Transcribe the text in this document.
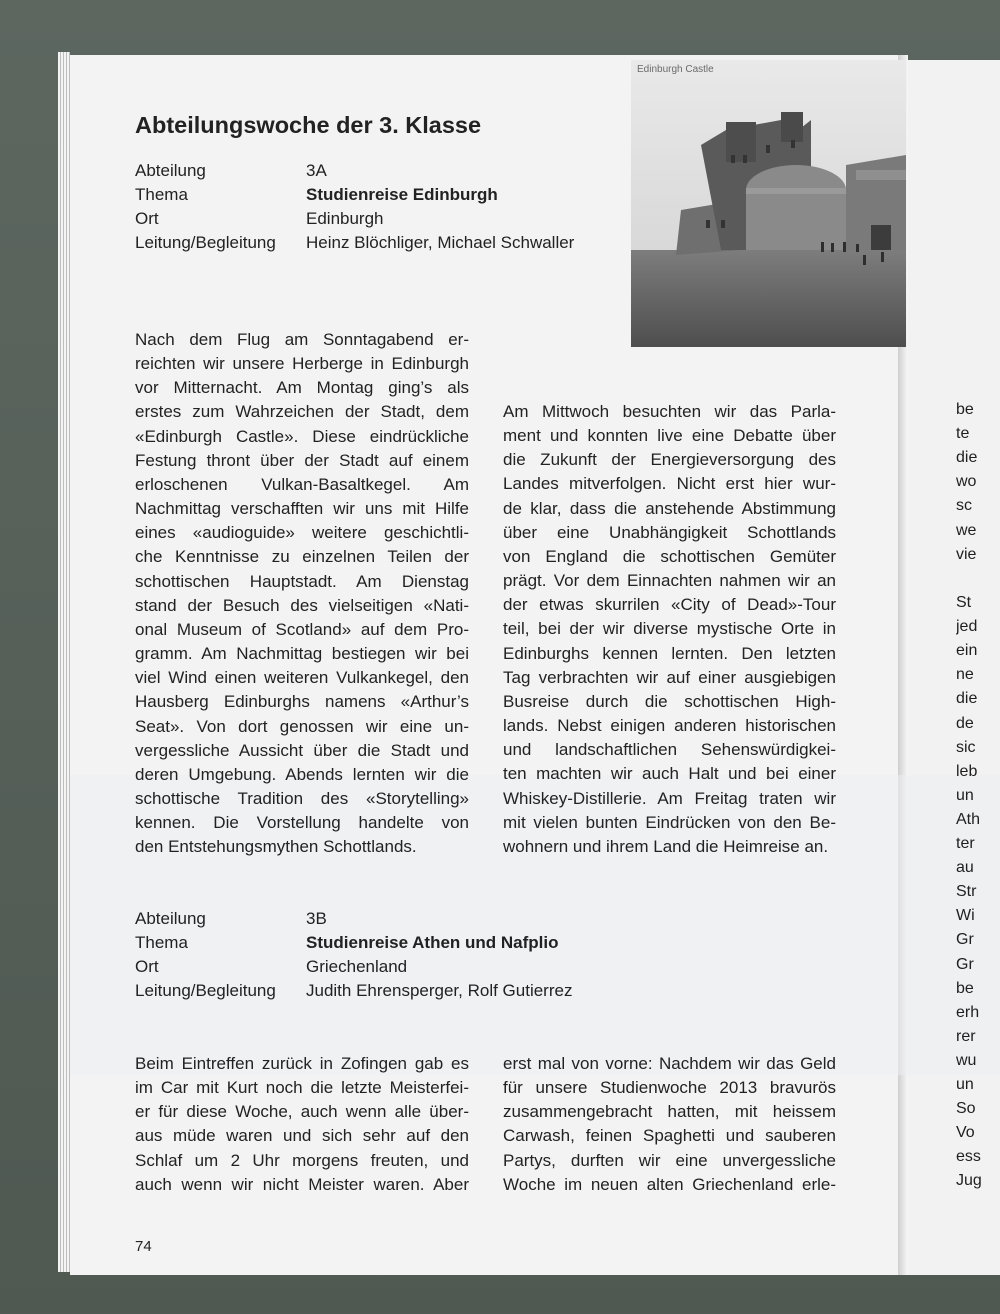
Edinburgh Castle
Abteilungswoche der 3. Klasse
Abteilung	3A
Thema	Studienreise Edinburgh
Ort	Edinburgh
Leitung/Begleitung Heinz Blöchliger, Michael Schwaller
Nach dem Flug am Sonntagabend er-
reichten wir unsere Herberge in Edinburgh
vor Mitternacht. Am Montag ging’s als
erstes zum Wahrzeichen der Stadt, dem
«Edinburgh Castle». Diese eindrückliche
Festung thront über der Stadt auf einem
erloschenen Vulkan-Basaltkegel. Am
Nachmittag verschafften wir uns mit Hilfe
eines «audioguide» weitere geschichtli-
che Kenntnisse zu einzelnen Teilen der
schottischen Hauptstadt. Am Dienstag
stand der Besuch des vielseitigen «Nati-
onal Museum of Scotland» auf dem Pro-
gramm. Am Nachmittag bestiegen wir bei
viel Wind einen weiteren Vulkankegel, den
Hausberg Edinburghs namens «Arthur’s
Seat». Von dort genossen wir eine un-
vergessliche Aussicht über die Stadt und
deren Umgebung. Abends lernten wir die
schottische Tradition des «Storytelling»
kennen. Die Vorstellung handelte von
den Entstehungsmythen Schottlands.
Am Mittwoch besuchten wir das Parla-
ment und konnten live eine Debatte über
die Zukunft der Energieversorgung des
Landes mitverfolgen. Nicht erst hier wur-
de klar, dass die anstehende Abstimmung
über eine Unabhängigkeit Schottlands
von England die schottischen Gemüter
prägt. Vor dem Einnachten nahmen wir an
der etwas skurrilen «City of Dead»-Tour
teil, bei der wir diverse mystische Orte in
Edinburghs kennen lernten. Den letzten
Tag verbrachten wir auf einer ausgiebigen
Busreise durch die schottischen High-
lands. Nebst einigen anderen historischen
und landschaftlichen Sehenswürdigkei-
ten machten wir auch Halt und bei einer
Whiskey-Distillerie. Am Freitag traten wir
mit vielen bunten Eindrücken von den Be-
wohnern und ihrem Land die Heimreise an.
Abteilung	3B
Thema	Studienreise Athen und Nafplio
Ort	Griechenland
Leitung/Begleitung Judith Ehrensperger, Rolf Gutierrez
Beim Eintreffen zurück in Zofingen gab es
im Car mit Kurt noch die letzte Meisterfei-
er für diese Woche, auch wenn alle über-
aus müde waren und sich sehr auf den
Schlaf um 2 Uhr morgens freuten, und
auch wenn wir nicht Meister waren. Aber
erst mal von vorne: Nachdem wir das Geld
für unsere Studienwoche 2013 bravurös
zusammengebracht hatten, mit heissem
Carwash, feinen Spaghetti und sauberen
Partys, durften wir eine unvergessliche
Woche im neuen alten Griechenland erle-
74
be
te
die
wo
sc
we
vie
St
jed
ein
ne
die
de
sic
leb
un
Ath
ter
au
Str
Wi
Gr
Gr
be
erh
rer
wu
un
So
Vo
ess
Jug
